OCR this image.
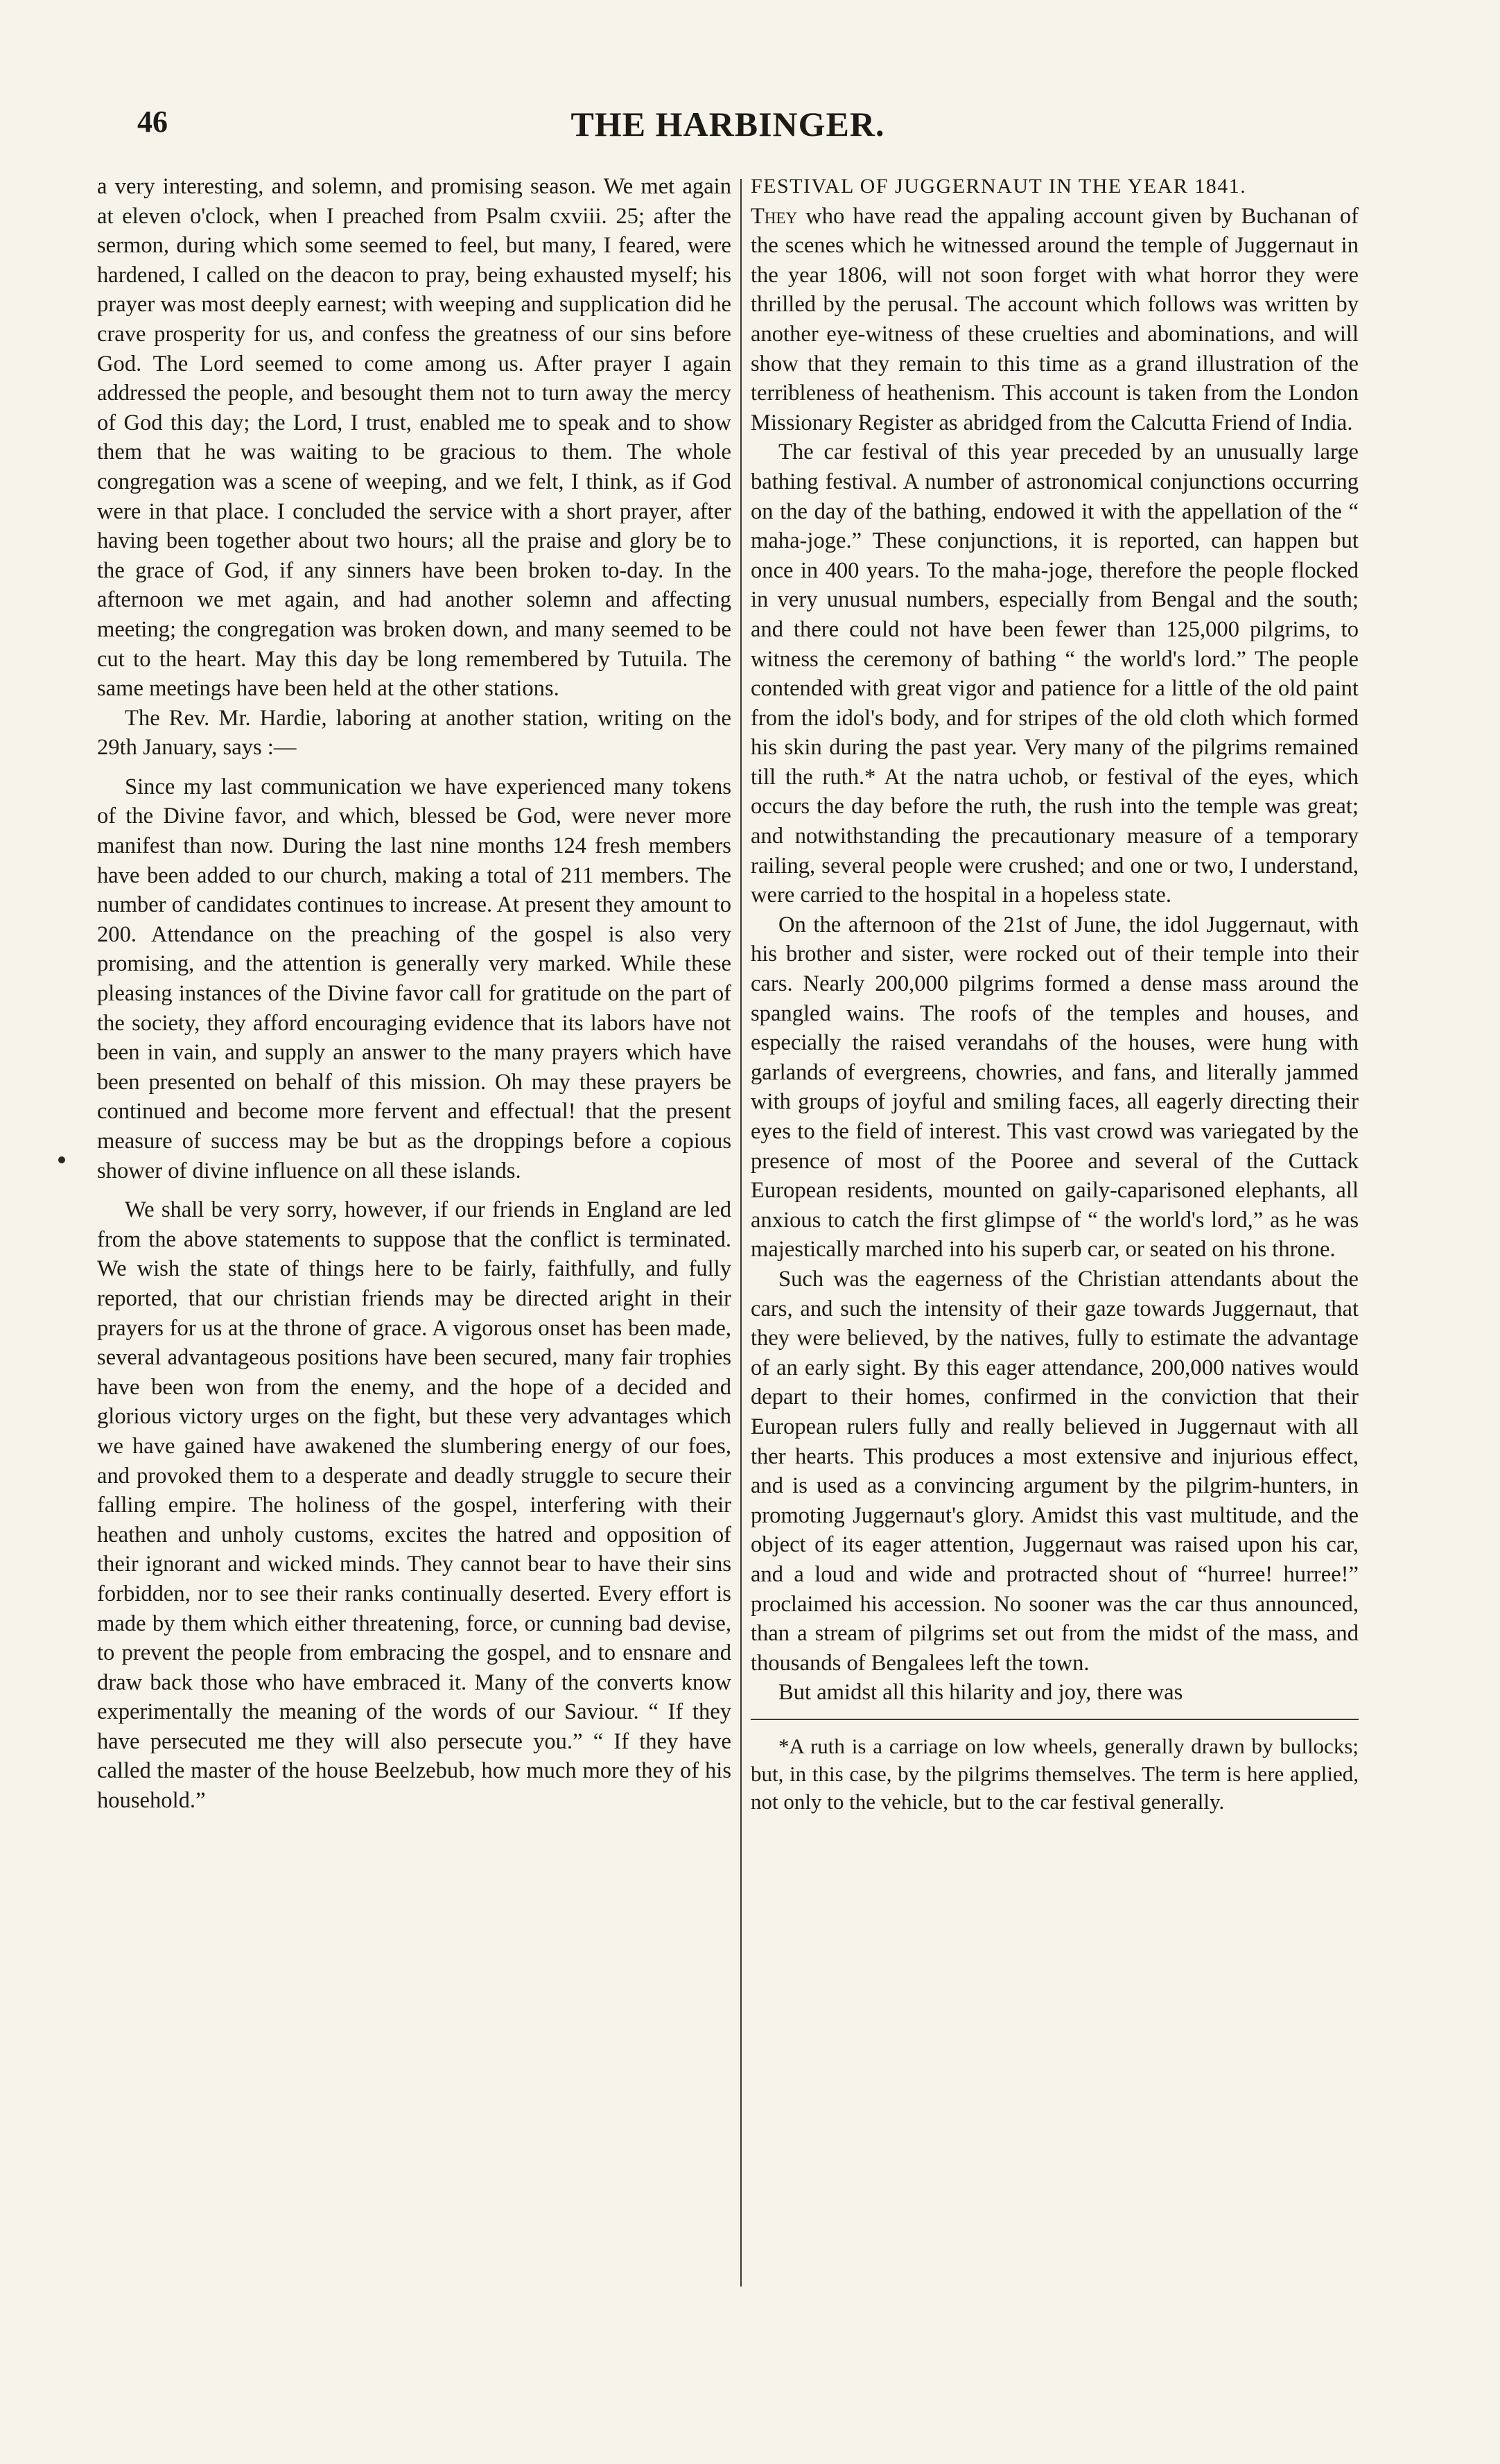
46	THE HARBINGER.

a very interesting, and solemn, and promising season. We met again at eleven o'clock, when I preached from Psalm cxviii. 25; after the sermon, during which some seemed to feel, but many, I feared, were hardened, I called on the deacon to pray, being exhausted myself; his prayer was most deeply earnest; with weeping and supplication did he crave prosperity for us, and confess the greatness of our sins before God. The Lord seemed to come among us. After prayer I again addressed the people, and besought them not to turn away the mercy of God this day; the Lord, I trust, enabled me to speak and to show them that he was waiting to be gracious to them. The whole congregation was a scene of weeping, and we felt, I think, as if God were in that place. I concluded the service with a short prayer, after having been together about two hours; all the praise and glory be to the grace of God, if any sinners have been broken to-day. In the afternoon we met again, and had another solemn and affecting meeting; the congregation was broken down, and many seemed to be cut to the heart. May this day be long remembered by Tutuila. The same meetings have been held at the other stations.

The Rev. Mr. Hardie, laboring at another station, writing on the 29th January, says :—

Since my last communication we have experienced many tokens of the Divine favor, and which, blessed be God, were never more manifest than now. During the last nine months 124 fresh members have been added to our church, making a total of 211 members. The number of candidates continues to increase. At present they amount to 200. Attendance on the preaching of the gospel is also very promising, and the attention is generally very marked. While these pleasing instances of the Divine favor call for gratitude on the part of the society, they afford encouraging evidence that its labors have not been in vain, and supply an answer to the many prayers which have been presented on behalf of this mission. Oh may these prayers be continued and become more fervent and effectual! that the present measure of success may be but as the droppings before a copious shower of divine influence on all these islands.

We shall be very sorry, however, if our friends in England are led from the above statements to suppose that the conflict is terminated. We wish the state of things here to be fairly, faithfully, and fully reported, that our christian friends may be directed aright in their prayers for us at the throne of grace. A vigorous onset has been made, several advantageous positions have been secured, many fair trophies have been won from the enemy, and the hope of a decided and glorious victory urges on the fight, but these very advantages which we have gained have awakened the slumbering energy of our foes, and provoked them to a desperate and deadly struggle to secure their falling empire. The holiness of the gospel, interfering with their heathen and unholy customs, excites the hatred and opposition of their ignorant and wicked minds. They cannot bear to have their sins forbidden, nor to see their ranks continually deserted. Every effort is made by them which either threatening, force, or cunning bad devise, to prevent the people from embracing the gospel, and to ensnare and draw back those who have embraced it. Many of the converts know experimentally the meaning of the words of our Saviour. “ If they have persecuted me they will also persecute you.” “ If they have called the master of the house Beelzebub, how much more they of his household.”

FESTIVAL OF JUGGERNAUT IN THE YEAR 1841.

They who have read the appaling account given by Buchanan of the scenes which he witnessed around the temple of Juggernaut in the year 1806, will not soon forget with what horror they were thrilled by the perusal. The account which follows was written by another eye-witness of these cruelties and abominations, and will show that they remain to this time as a grand illustration of the terribleness of heathenism. This account is taken from the London Missionary Register as abridged from the Calcutta Friend of India.

The car festival of this year preceded by an unusually large bathing festival. A number of astronomical conjunctions occurring on the day of the bathing, endowed it with the appellation of the “ maha-joge.” These conjunctions, it is reported, can happen but once in 400 years. To the maha-joge, therefore the people flocked in very unusual numbers, especially from Bengal and the south; and there could not have been fewer than 125,000 pilgrims, to witness the ceremony of bathing “ the world's lord.” The people contended with great vigor and patience for a little of the old paint from the idol's body, and for stripes of the old cloth which formed his skin during the past year. Very many of the pilgrims remained till the ruth.* At the natra uchob, or festival of the eyes, which occurs the day before the ruth, the rush into the temple was great; and notwithstanding the precautionary measure of a temporary railing, several people were crushed; and one or two, I understand, were carried to the hospital in a hopeless state.

On the afternoon of the 21st of June, the idol Juggernaut, with his brother and sister, were rocked out of their temple into their cars. Nearly 200,000 pilgrims formed a dense mass around the spangled wains. The roofs of the temples and houses, and especially the raised verandahs of the houses, were hung with garlands of evergreens, chowries, and fans, and literally jammed with groups of joyful and smiling faces, all eagerly directing their eyes to the field of interest. This vast crowd was variegated by the presence of most of the Pooree and several of the Cuttack European residents, mounted on gaily-caparisoned elephants, all anxious to catch the first glimpse of “ the world's lord,” as he was majestically marched into his superb car, or seated on his throne.

Such was the eagerness of the Christian attendants about the cars, and such the intensity of their gaze towards Juggernaut, that they were believed, by the natives, fully to estimate the advantage of an early sight. By this eager attendance, 200,000 natives would depart to their homes, confirmed in the conviction that their European rulers fully and really believed in Juggernaut with all ther hearts. This produces a most extensive and injurious effect, and is used as a convincing argument by the pilgrim-hunters, in promoting Juggernaut's glory. Amidst this vast multitude, and the object of its eager attention, Juggernaut was raised upon his car, and a loud and wide and protracted shout of “hurree! hurree!” proclaimed his accession. No sooner was the car thus announced, than a stream of pilgrims set out from the midst of the mass, and thousands of Bengalees left the town.

But amidst all this hilarity and joy, there was

*A ruth is a carriage on low wheels, generally drawn by bullocks; but, in this case, by the pilgrims themselves. The term is here applied, not only to the vehicle, but to the car festival generally.
